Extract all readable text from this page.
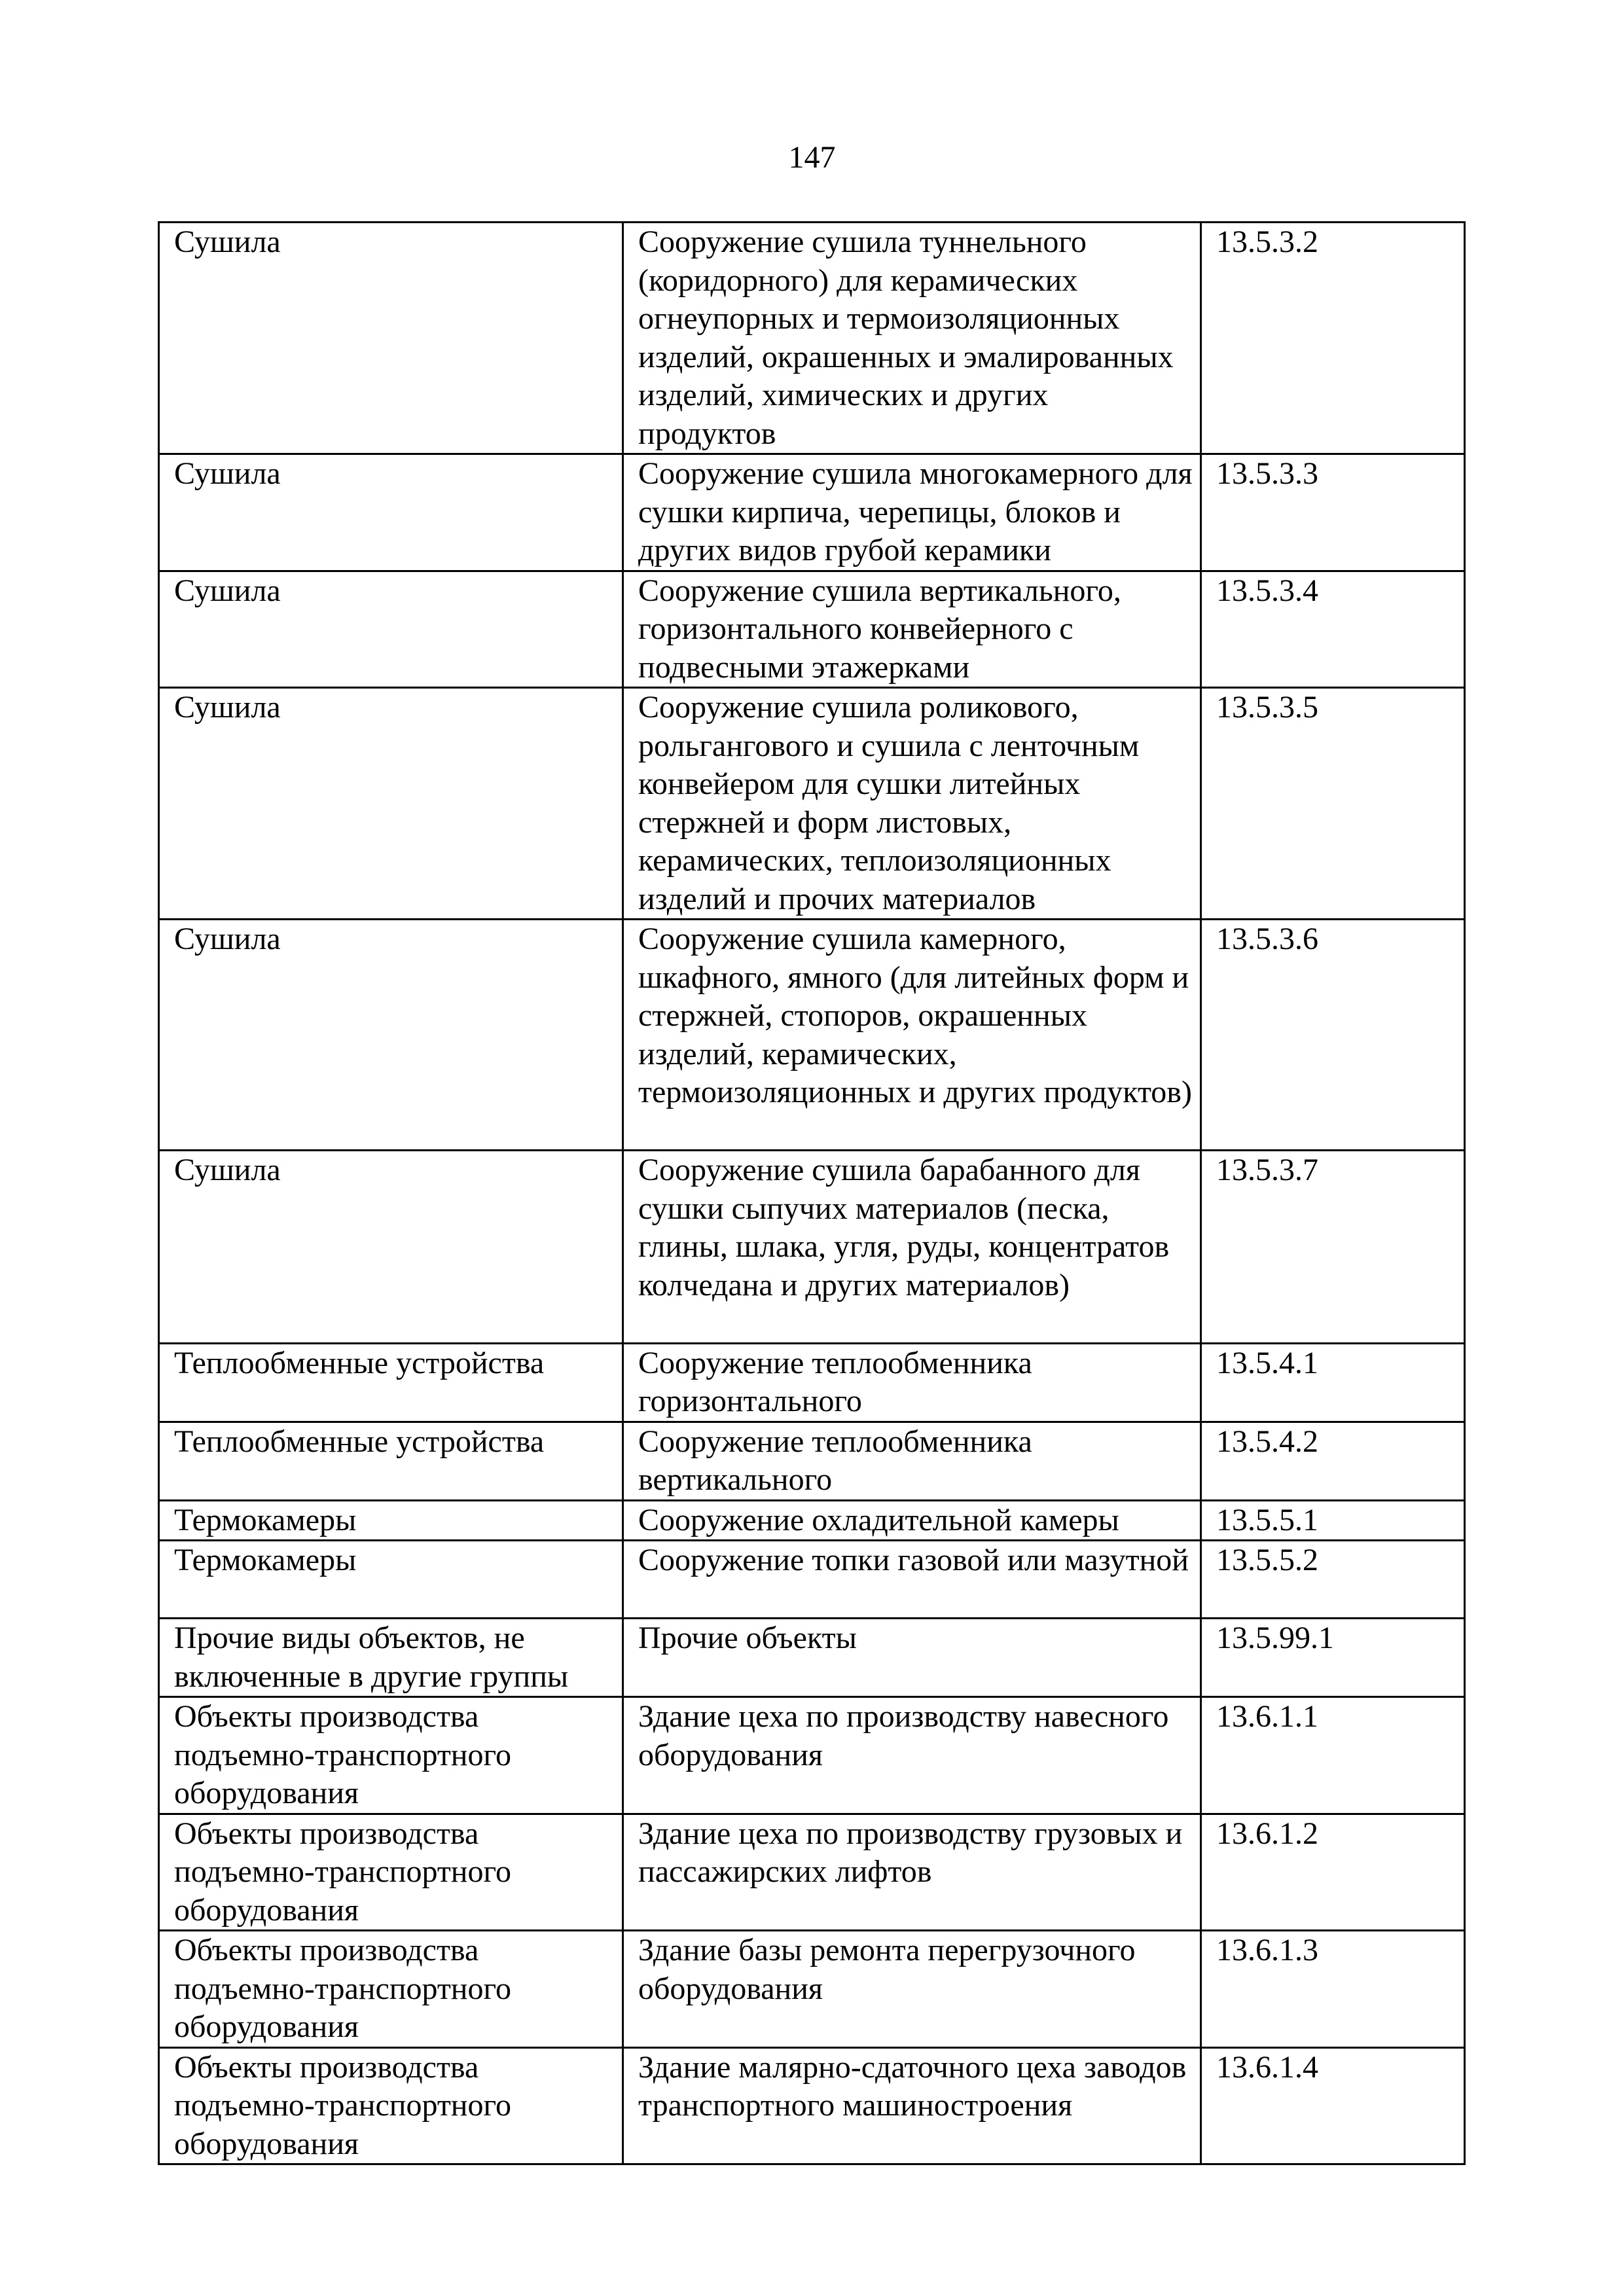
147
Сушила	Сооружение сушила туннельного (коридорного) для керамических огнеупорных и термоизоляционных изделий, окрашенных и эмалированных изделий, химических и других продуктов	13.5.3.2
Сушила	Сооружение сушила многокамерного для сушки кирпича, черепицы, блоков и других видов грубой керамики	13.5.3.3
Сушила	Сооружение сушила вертикального, горизонтального конвейерного с подвесными этажерками	13.5.3.4
Сушила	Сооружение сушила роликового, рольгангового и сушила с ленточным конвейером для сушки литейных стержней и форм листовых, керамических, теплоизоляционных изделий и прочих материалов	13.5.3.5
Сушила	Сооружение сушила камерного, шкафного, ямного (для литейных форм и стержней, стопоров, окрашенных изделий, керамических, термоизоляционных и других продуктов)	13.5.3.6
Сушила	Сооружение сушила барабанного для сушки сыпучих материалов (песка, глины, шлака, угля, руды, концентратов колчедана и других материалов)	13.5.3.7
Теплообменные устройства	Сооружение теплообменника горизонтального	13.5.4.1
Теплообменные устройства	Сооружение теплообменника вертикального	13.5.4.2
Термокамеры	Сооружение охладительной камеры	13.5.5.1
Термокамеры	Сооружение топки газовой или мазутной	13.5.5.2
Прочие виды объектов, не включенные в другие группы	Прочие объекты	13.5.99.1
Объекты производства подъемно-транспортного оборудования	Здание цеха по производству навесного оборудования	13.6.1.1
Объекты производства подъемно-транспортного оборудования	Здание цеха по производству грузовых и пассажирских лифтов	13.6.1.2
Объекты производства подъемно-транспортного оборудования	Здание базы ремонта перегрузочного оборудования	13.6.1.3
Объекты производства подъемно-транспортного оборудования	Здание малярно-сдаточного цеха заводов транспортного машиностроения	13.6.1.4
